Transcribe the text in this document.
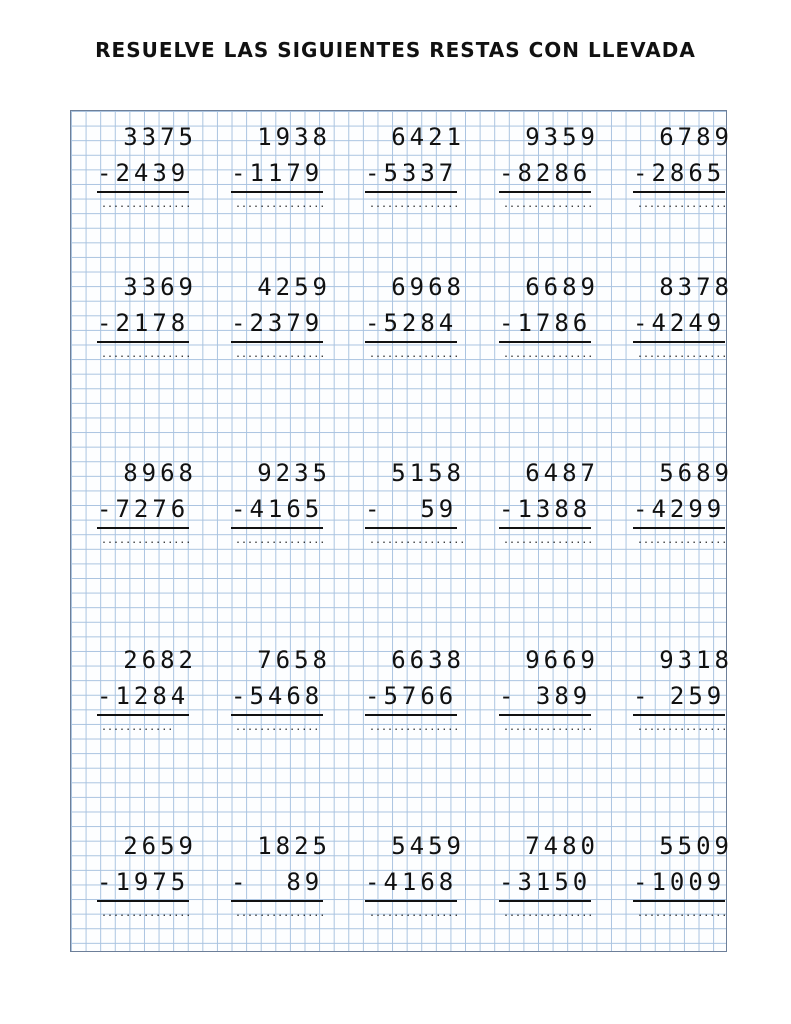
RESUELVE LAS SIGUIENTES RESTAS CON LLEVADA
3375
-2439
...............
1938
-1179
...............
6421
-5337
...............
9359
-8286
...............
6789
-2865
...............
3369
-2178
...............
4259
-2379
...............
6968
-5284
...............
6689
-1786
...............
8378
-4249
...............
8968
-7276
...............
9235
-4165
...............
5158
-  59
................
6487
-1388
...............
5689
-4299
...............
2682
-1284
............
7658
-5468
..............
6638
-5766
...............
9669
- 389
...............
9318
- 259
...............
2659
-1975
...............
1825
-  89
...............
5459
-4168
...............
7480
-3150
...............
5509
-1009
...............
